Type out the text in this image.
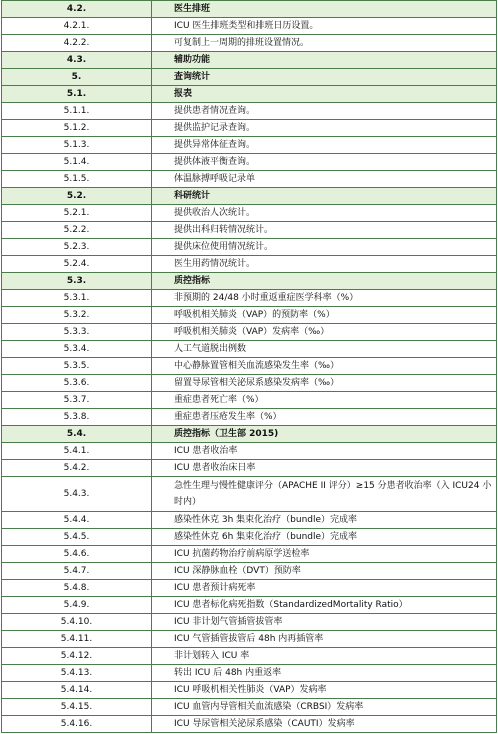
4.2.	医生排班
4.2.1.	ICU 医生排班类型和排班日历设置。
4.2.2.	可复制上一周期的排班设置情况。
4.3.	辅助功能
5.	查询统计
5.1.	报表
5.1.1.	提供患者情况查询。
5.1.2.	提供监护记录查询。
5.1.3.	提供异常体征查询。
5.1.4.	提供体液平衡查询。
5.1.5.	体温脉搏呼吸记录单
5.2.	科研统计
5.2.1.	提供收治人次统计。
5.2.2.	提供出科归转情况统计。
5.2.3.	提供床位使用情况统计。
5.2.4.	医生用药情况统计。
5.3.	质控指标
5.3.1.	非预期的 24/48 小时重返重症医学科率（%）
5.3.2.	呼吸机相关肺炎（VAP）的预防率（%）
5.3.3.	呼吸机相关肺炎（VAP）发病率（‰）
5.3.4.	人工气道脱出例数
5.3.5.	中心静脉置管相关血流感染发生率（‰）
5.3.6.	留置导尿管相关泌尿系感染发病率（‰）
5.3.7.	重症患者死亡率（%）
5.3.8.	重症患者压疮发生率（%）
5.4.	质控指标（卫生部 2015)
5.4.1.	ICU 患者收治率
5.4.2.	ICU 患者收治床日率
5.4.3.	急性生理与慢性健康评分（APACHE II 评分）≥15 分患者收治率（入 ICU24 小时内）
5.4.4.	感染性休克 3h 集束化治疗（bundle）完成率
5.4.5.	感染性休克 6h 集束化治疗（bundle）完成率
5.4.6.	ICU 抗菌药物治疗前病原学送检率
5.4.7.	ICU 深静脉血栓（DVT）预防率
5.4.8.	ICU 患者预计病死率
5.4.9.	ICU 患者标化病死指数（StandardizedMortality Ratio）
5.4.10.	ICU 非计划气管插管拔管率
5.4.11.	ICU 气管插管拔管后 48h 内再插管率
5.4.12.	非计划转入 ICU 率
5.4.13.	转出 ICU 后 48h 内重返率
5.4.14.	ICU 呼吸机相关性肺炎（VAP）发病率
5.4.15.	ICU 血管内导管相关血流感染（CRBSI）发病率
5.4.16.	ICU 导尿管相关泌尿系感染（CAUTI）发病率
